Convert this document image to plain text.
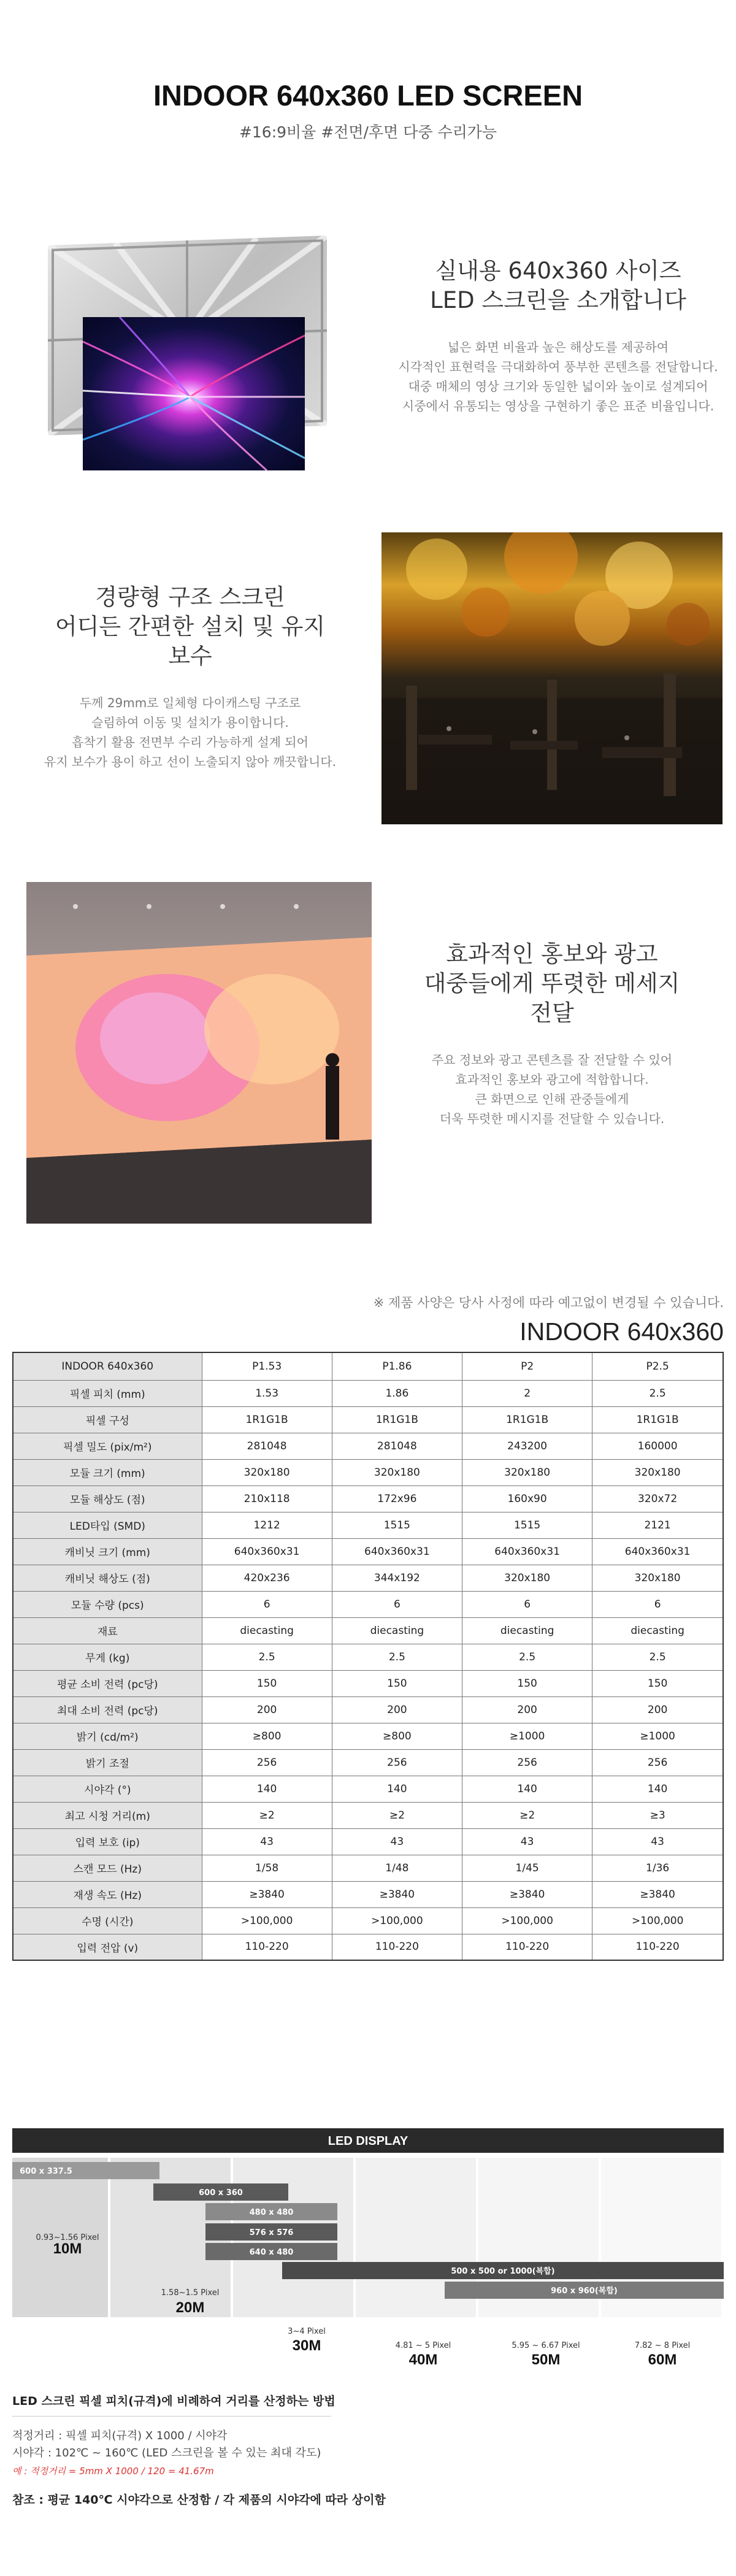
INDOOR 640x360 LED SCREEN
#16:9비율 #전면/후면 다중 수리가능
실내용 640x360 사이즈
LED 스크린을 소개합니다
넓은 화면 비율과 높은 해상도를 제공하여
시각적인 표현력을 극대화하여 풍부한 콘텐츠를 전달합니다.
대중 매체의 영상 크기와 동일한 넓이와 높이로 설계되어
시중에서 유통되는 영상을 구현하기 좋은 표준 비율입니다.
경량형 구조 스크린
어디든 간편한 설치 및 유지
보수
두께 29mm로 일체형 다이캐스팅 구조로
슬림하여 이동 및 설치가 용이합니다.
흡착기 활용 전면부 수리 가능하게 설계 되어
유지 보수가 용이 하고 선이 노출되지 않아 깨끗합니다.
효과적인 홍보와 광고
대중들에게 뚜렷한 메세지
전달
주요 정보와 광고 콘텐츠를 잘 전달할 수 있어
효과적인 홍보와 광고에 적합합니다.
큰 화면으로 인해 관중들에게
더욱 뚜렷한 메시지를 전달할 수 있습니다.
※ 제품 사양은 당사 사정에 따라 예고없이 변경될 수 있습니다.
INDOOR 640x360
INDOOR 640x360	P1.53	P1.86	P2	P2.5
픽셀 피치 (mm)	1.53	1.86	2	2.5
픽셀 구성	1R1G1B	1R1G1B	1R1G1B	1R1G1B
픽셀 밀도 (pix/m²)	281048	281048	243200	160000
모듈 크기 (mm)	320x180	320x180	320x180	320x180
모듈 해상도 (점)	210x118	172x96	160x90	320x72
LED타입 (SMD)	1212	1515	1515	2121
캐비닛 크기 (mm)	640x360x31	640x360x31	640x360x31	640x360x31
캐비닛 해상도 (점)	420x236	344x192	320x180	320x180
모듈 수량 (pcs)	6	6	6	6
재료	diecasting	diecasting	diecasting	diecasting
무게 (kg)	2.5	2.5	2.5	2.5
평균 소비 전력 (pc당)	150	150	150	150
최대 소비 전력 (pc당)	200	200	200	200
밝기 (cd/m²)	≥800	≥800	≥1000	≥1000
밝기 조절	256	256	256	256
시야각 (°)	140	140	140	140
최고 시청 거리(m)	≥2	≥2	≥2	≥3
입력 보호 (ip)	43	43	43	43
스캔 모드 (Hz)	1/58	1/48	1/45	1/36
재생 속도 (Hz)	≥3840	≥3840	≥3840	≥3840
수명 (시간)	>100,000	>100,000	>100,000	>100,000
입력 전압 (v)	110-220	110-220	110-220	110-220
LED DISPLAY
600 x 337.5
600 x 360
480 x 480
576 x 576
640 x 480
500 x 500 or 1000(복합)
960 x 960(복합)
0.93~1.56 Pixel
10M
1.58~1.5 Pixel
20M
3~4 Pixel
30M	4.81 ~ 5 Pixel
40M
5.95 ~ 6.67 Pixel
50M
7.82 ~ 8 Pixel
60M
LED 스크린 픽셀 피치(규격)에 비례하여 거리를 산정하는 방법
적정거리 : 픽셀 피치(규격) X 1000 / 시야각
시야각 : 102℃ ~ 160℃ (LED 스크린을 볼 수 있는 최대 각도)
예 : 적정거리 = 5mm X 1000 / 120 = 41.67m
참조 : 평균 140℃ 시야각으로 산정함 / 각 제품의 시야각에 따라 상이함
